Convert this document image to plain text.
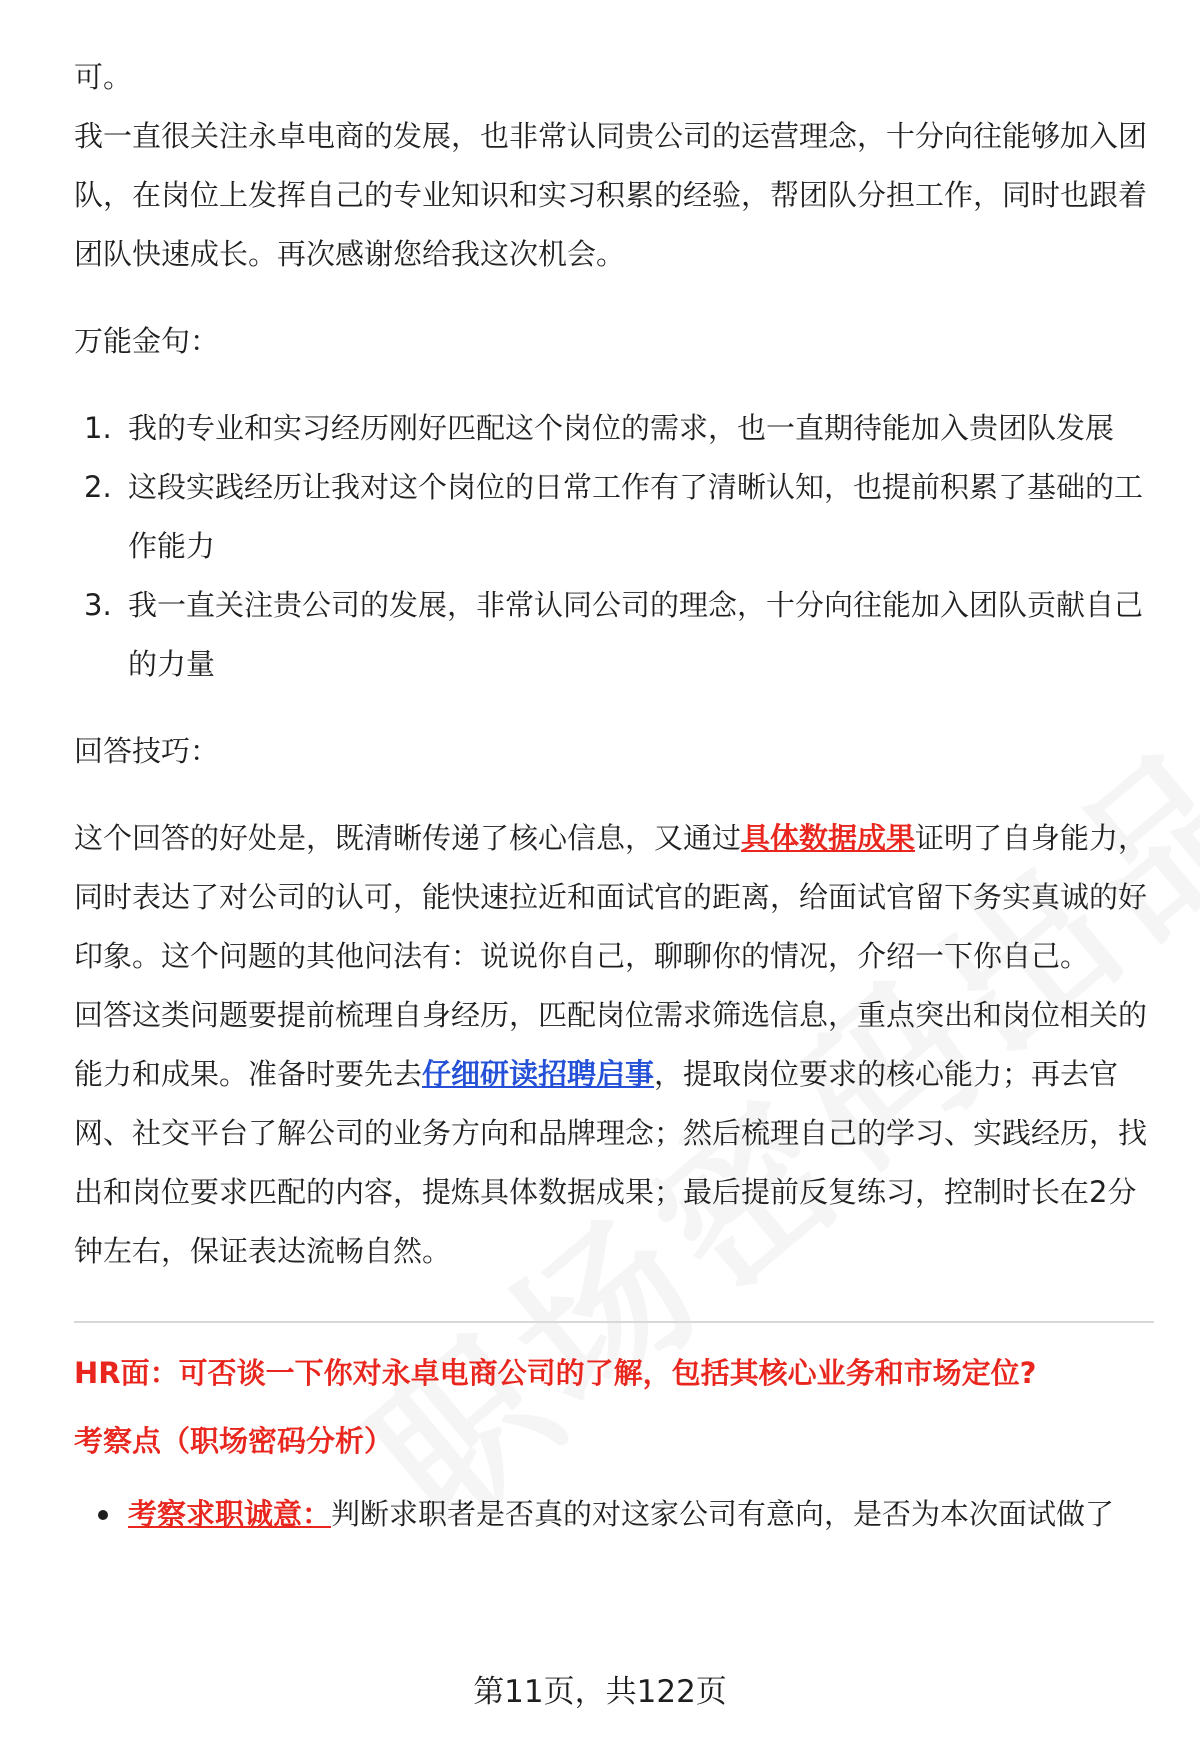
可。

我一直很关注永卓电商的发展，也非常认同贵公司的运营理念，十分向往能够加入团队，在岗位上发挥自己的专业知识和实习积累的经验，帮团队分担工作，同时也跟着团队快速成长。再次感谢您给我这次机会。

万能金句：

1. 我的专业和实习经历刚好匹配这个岗位的需求，也一直期待能加入贵团队发展
2. 这段实践经历让我对这个岗位的日常工作有了清晰认知，也提前积累了基础的工作能力
3. 我一直关注贵公司的发展，非常认同公司的理念，十分向往能加入团队贡献自己的力量

回答技巧：

这个回答的好处是，既清晰传递了核心信息，又通过具体数据成果证明了自身能力，同时表达了对公司的认可，能快速拉近和面试官的距离，给面试官留下务实真诚的好印象。这个问题的其他问法有：说说你自己，聊聊你的情况，介绍一下你自己。

回答这类问题要提前梳理自身经历，匹配岗位需求筛选信息，重点突出和岗位相关的能力和成果。准备时要先去仔细研读招聘启事，提取岗位要求的核心能力；再去官网、社交平台了解公司的业务方向和品牌理念；然后梳理自己的学习、实践经历，找出和岗位要求匹配的内容，提炼具体数据成果；最后提前反复练习，控制时长在2分钟左右，保证表达流畅自然。

HR面：可否谈一下你对永卓电商公司的了解，包括其核心业务和市场定位?
考察点（职场密码分析）
考察求职诚意：判断求职者是否真的对这家公司有意向，是否为本次面试做了
第11页，共122页
